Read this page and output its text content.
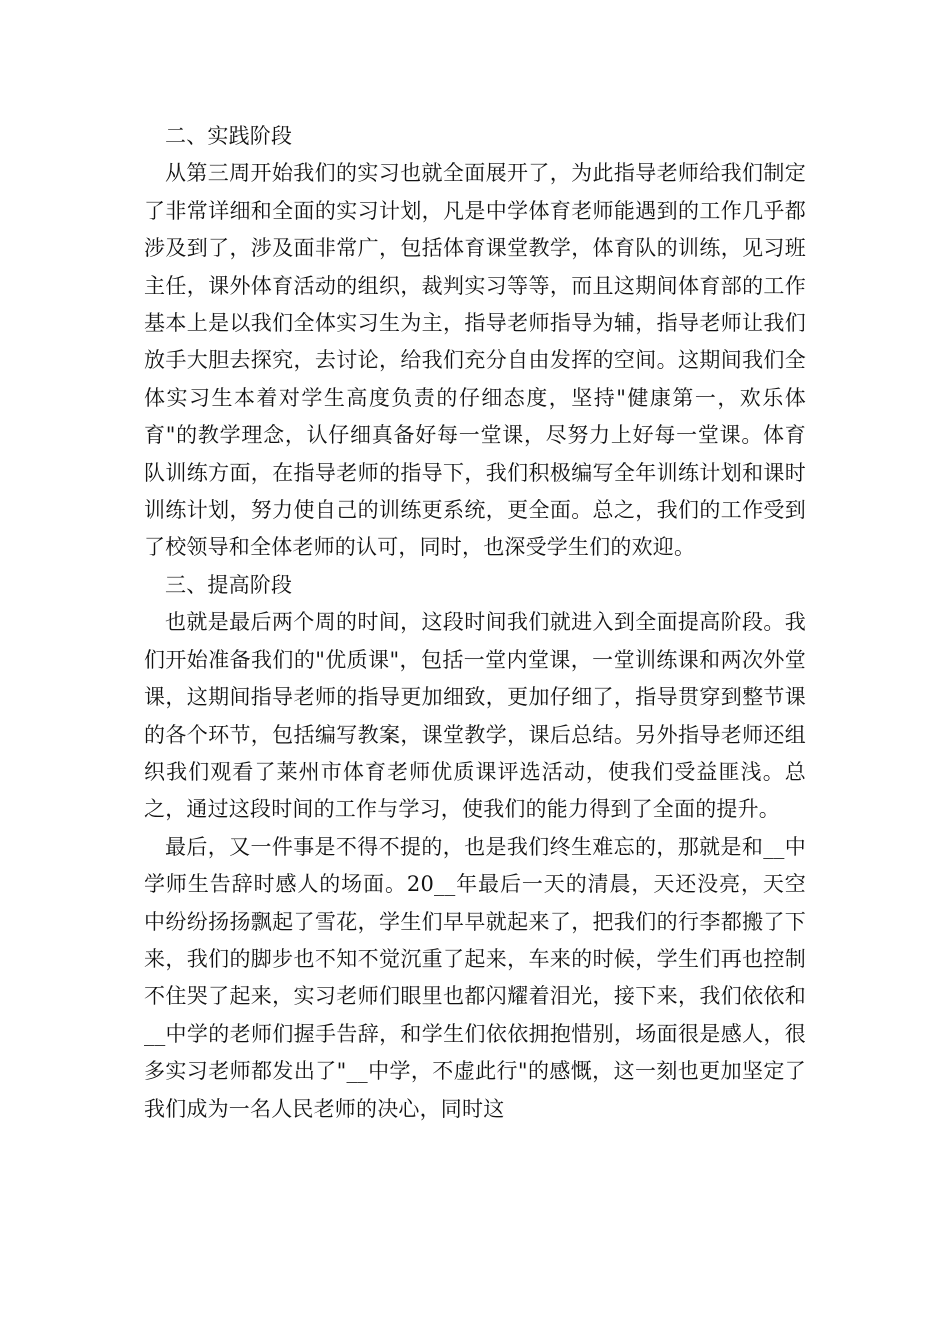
二、实践阶段

从第三周开始我们的实习也就全面展开了，为此指导老师给我们制定了非常详细和全面的实习计划，凡是中学体育老师能遇到的工作几乎都涉及到了，涉及面非常广，包括体育课堂教学，体育队的训练，见习班主任，课外体育活动的组织，裁判实习等等，而且这期间体育部的工作基本上是以我们全体实习生为主，指导老师指导为辅，指导老师让我们放手大胆去探究，去讨论，给我们充分自由发挥的空间。这期间我们全体实习生本着对学生高度负责的仔细态度，坚持"健康第一，欢乐体育"的教学理念，认仔细真备好每一堂课，尽努力上好每一堂课。体育队训练方面，在指导老师的指导下，我们积极编写全年训练计划和课时训练计划，努力使自己的训练更系统，更全面。总之，我们的工作受到了校领导和全体老师的认可，同时，也深受学生们的欢迎。

三、提高阶段

也就是最后两个周的时间，这段时间我们就进入到全面提高阶段。我们开始准备我们的"优质课"，包括一堂内堂课，一堂训练课和两次外堂课，这期间指导老师的指导更加细致，更加仔细了，指导贯穿到整节课的各个环节，包括编写教案，课堂教学，课后总结。另外指导老师还组织我们观看了莱州市体育老师优质课评选活动，使我们受益匪浅。总之，通过这段时间的工作与学习，使我们的能力得到了全面的提升。

最后，又一件事是不得不提的，也是我们终生难忘的，那就是和__中学师生告辞时感人的场面。20__年最后一天的清晨，天还没亮，天空中纷纷扬扬飘起了雪花，学生们早早就起来了，把我们的行李都搬了下来，我们的脚步也不知不觉沉重了起来，车来的时候，学生们再也控制不住哭了起来，实习老师们眼里也都闪耀着泪光，接下来，我们依依和__中学的老师们握手告辞，和学生们依依拥抱惜别，场面很是感人，很多实习老师都发出了"__中学，不虚此行"的感慨，这一刻也更加坚定了我们成为一名人民老师的决心，同时这
